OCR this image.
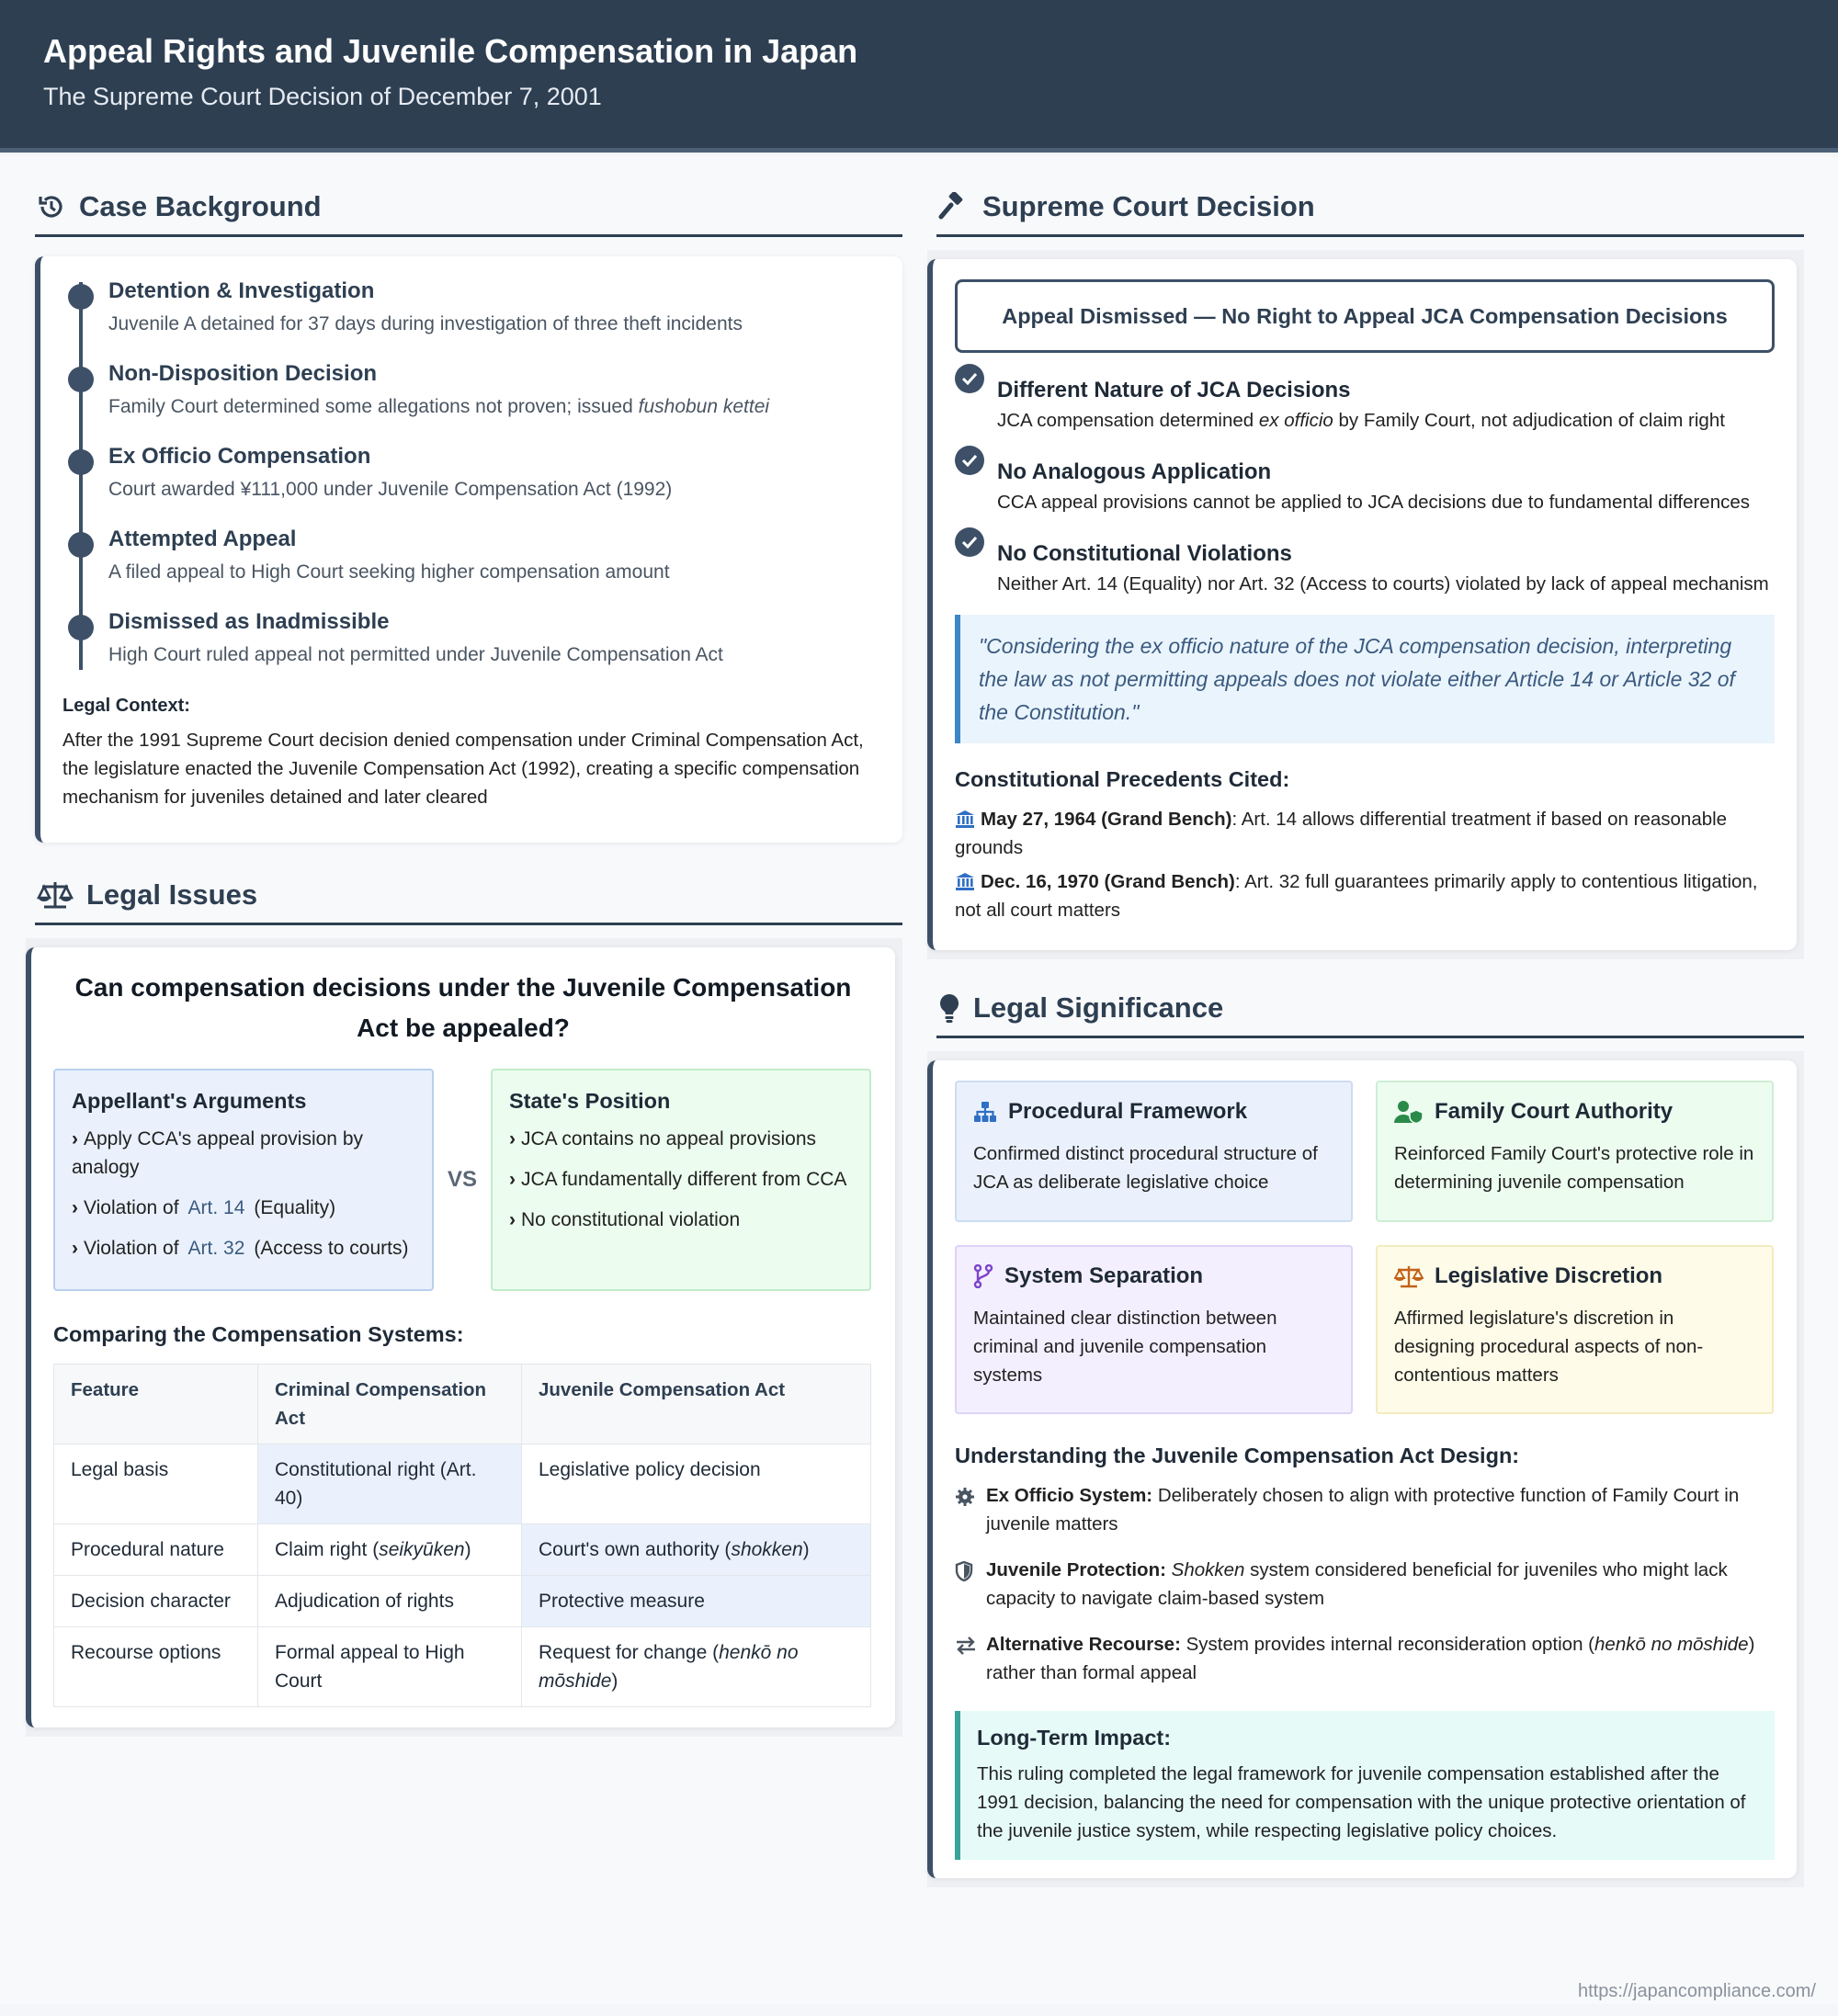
Appeal Rights and Juvenile Compensation in Japan
The Supreme Court Decision of December 7, 2001
Case Background
Detention & Investigation

Juvenile A detained for 37 days during investigation of three theft incidents

Non-Disposition Decision

Family Court determined some allegations not proven; issued fushobun kettei

Ex Officio Compensation

Court awarded ¥111,000 under Juvenile Compensation Act (1992)

Attempted Appeal

A filed appeal to High Court seeking higher compensation amount

Dismissed as Inadmissible

High Court ruled appeal not permitted under Juvenile Compensation Act

Legal Context:

After the 1991 Supreme Court decision denied compensation under Criminal Compensation Act, the legislature enacted the Juvenile Compensation Act (1992), creating a specific compensation mechanism for juveniles detained and later cleared

Legal Issues
Can compensation decisions under the Juvenile Compensation Act be appealed?
Appellant's Arguments
› Apply CCA's appeal provision by analogy
› Violation of Art. 14 (Equality)
› Violation of Art. 32 (Access to courts)
VS
State's Position
› JCA contains no appeal provisions
› JCA fundamentally different from CCA
› No constitutional violation
Comparing the Compensation Systems:
Feature	Criminal Compensation Act	Juvenile Compensation Act
Legal basis	Constitutional right (Art. 40)	Legislative policy decision
Procedural nature	Claim right (seikyūken)	Court's own authority (shokken)
Decision character	Adjudication of rights	Protective measure
Recourse options	Formal appeal to High Court	Request for change (henkō no mōshide)
Supreme Court Decision
Appeal Dismissed — No Right to Appeal JCA Compensation Decisions
Different Nature of JCA Decisions

JCA compensation determined ex officio by Family Court, not adjudication of claim right

No Analogous Application

CCA appeal provisions cannot be applied to JCA decisions due to fundamental differences

No Constitutional Violations

Neither Art. 14 (Equality) nor Art. 32 (Access to courts) violated by lack of appeal mechanism

"Considering the ex officio nature of the JCA compensation decision, interpreting the law as not permitting appeals does not violate either Article 14 or Article 32 of the Constitution."
Constitutional Precedents Cited:
May 27, 1964 (Grand Bench): Art. 14 allows differential treatment if based on reasonable grounds
Dec. 16, 1970 (Grand Bench): Art. 32 full guarantees primarily apply to contentious litigation, not all court matters
Legal Significance
Procedural Framework

Confirmed distinct procedural structure of JCA as deliberate legislative choice

Family Court Authority

Reinforced Family Court's protective role in determining juvenile compensation

System Separation

Maintained clear distinction between criminal and juvenile compensation systems

Legislative Discretion

Affirmed legislature's discretion in designing procedural aspects of non-contentious matters

Understanding the Juvenile Compensation Act Design:
Ex Officio System: Deliberately chosen to align with protective function of Family Court in juvenile matters
Juvenile Protection: Shokken system considered beneficial for juveniles who might lack capacity to navigate claim-based system
Alternative Recourse: System provides internal reconsideration option (henkō no mōshide) rather than formal appeal
Long-Term Impact:

This ruling completed the legal framework for juvenile compensation established after the 1991 decision, balancing the need for compensation with the unique protective orientation of the juvenile justice system, while respecting legislative policy choices.

https://japancompliance.com/
